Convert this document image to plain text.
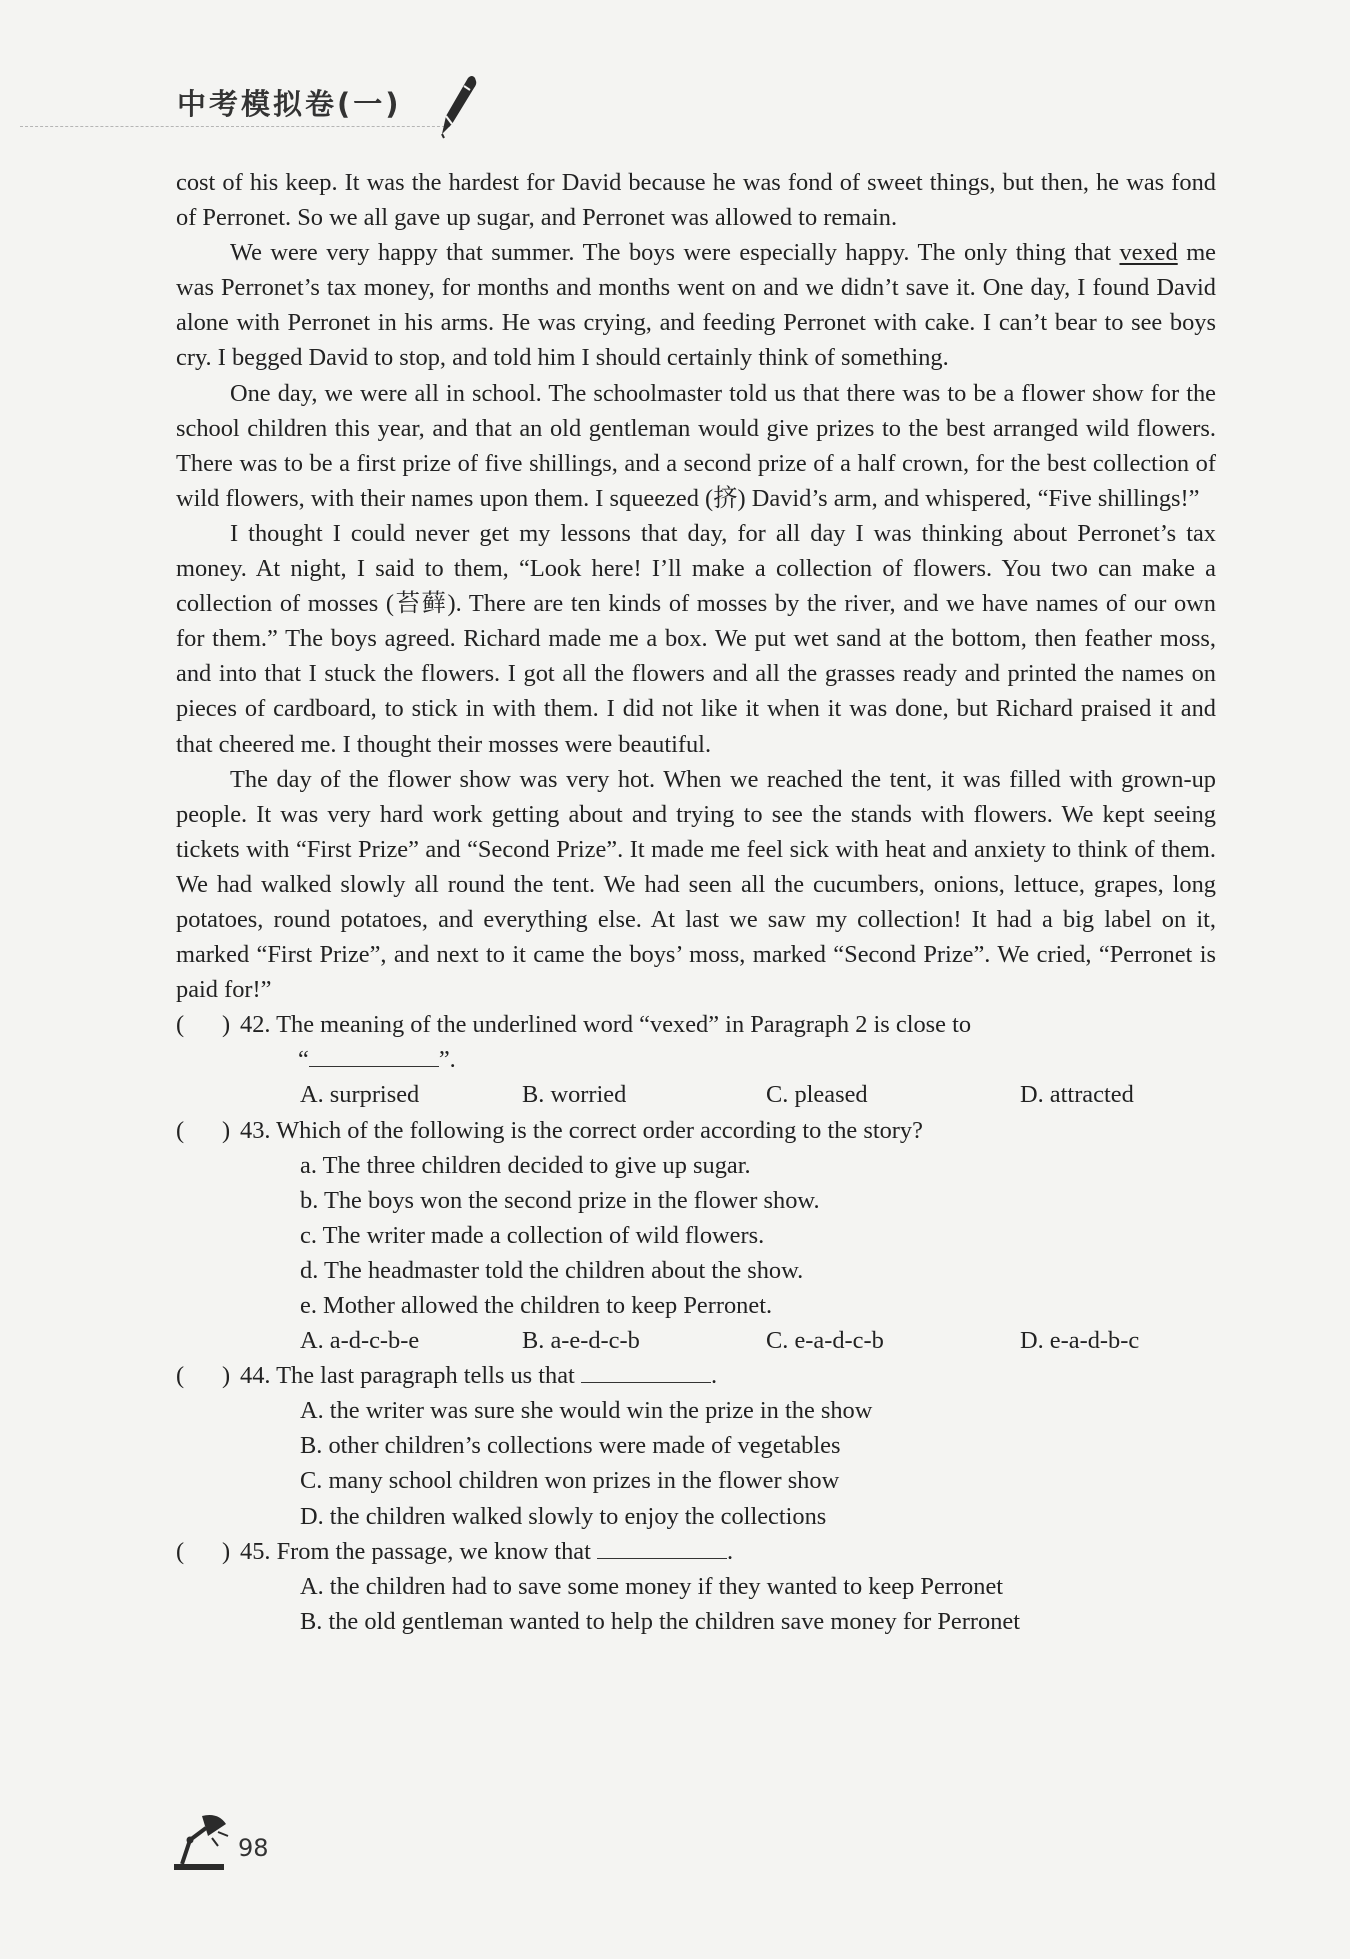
中考模拟卷(一)

cost of his keep. It was the hardest for David because he was fond of sweet things, but then, he was fond of Perronet. So we all gave up sugar, and Perronet was allowed to remain.

We were very happy that summer. The boys were especially happy. The only thing that vexed me was Perronet’s tax money, for months and months went on and we didn’t save it. One day, I found David alone with Perronet in his arms. He was crying, and feeding Perronet with cake. I can’t bear to see boys cry. I begged David to stop, and told him I should certainly think of something.

One day, we were all in school. The schoolmaster told us that there was to be a flower show for the school children this year, and that an old gentleman would give prizes to the best arranged wild flowers. There was to be a first prize of five shillings, and a second prize of a half crown, for the best collection of wild flowers, with their names upon them. I squeezed (挤) David’s arm, and whispered, “Five shillings!”

I thought I could never get my lessons that day, for all day I was thinking about Perronet’s tax money. At night, I said to them, “Look here! I’ll make a collection of flowers. You two can make a collection of mosses (苔藓). There are ten kinds of mosses by the river, and we have names of our own for them.” The boys agreed. Richard made me a box. We put wet sand at the bottom, then feather moss, and into that I stuck the flowers. I got all the flowers and all the grasses ready and printed the names on pieces of cardboard, to stick in with them. I did not like it when it was done, but Richard praised it and that cheered me. I thought their mosses were beautiful.

The day of the flower show was very hot. When we reached the tent, it was filled with grown-up people. It was very hard work getting about and trying to see the stands with flowers. We kept seeing tickets with “First Prize” and “Second Prize”. It made me feel sick with heat and anxiety to think of them. We had walked slowly all round the tent. We had seen all the cucumbers, onions, lettuce, grapes, long potatoes, round potatoes, and everything else. At last we saw my collection! It had a big label on it, marked “First Prize”, and next to it came the boys’ moss, marked “Second Prize”. We cried, “Perronet is paid for!”

( ) 42. The meaning of the underlined word “vexed” in Paragraph 2 is close to
“	”.
A. surprised	B. worried	C. pleased	D. attracted
( ) 43. Which of the following is the correct order according to the story?
a. The three children decided to give up sugar.
b. The boys won the second prize in the flower show.
c. The writer made a collection of wild flowers.
d. The headmaster told the children about the show.
e. Mother allowed the children to keep Perronet.
A. a-d-c-b-e	B. a-e-d-c-b	C. e-a-d-c-b	D. e-a-d-b-c
( ) 44. The last paragraph tells us that	.
A. the writer was sure she would win the prize in the show
B. other children’s collections were made of vegetables
C. many school children won prizes in the flower show
D. the children walked slowly to enjoy the collections
( ) 45. From the passage, we know that	.
A. the children had to save some money if they wanted to keep Perronet
B. the old gentleman wanted to help the children save money for Perronet
98
